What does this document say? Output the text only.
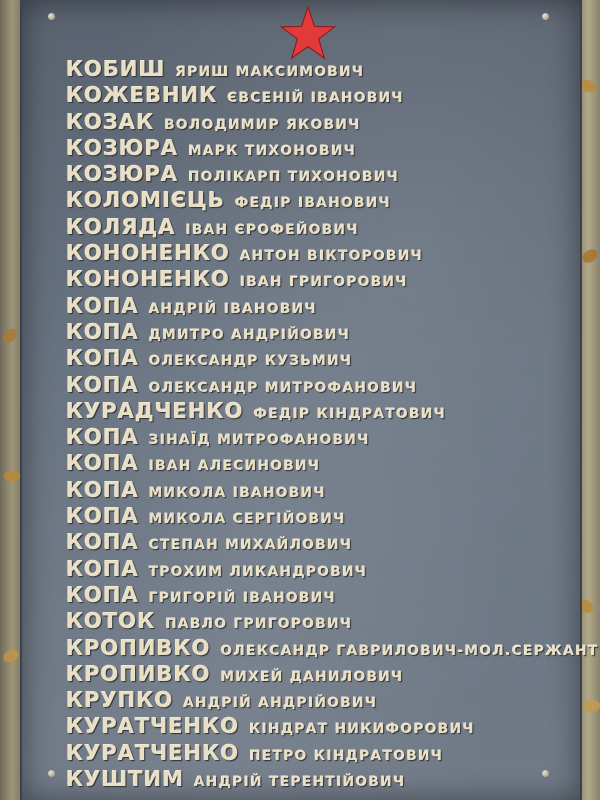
КОБИШ ЯРИШ МАКСИМОВИЧ
КОЖЕВНИК ЄВСЕНІЙ ІВАНОВИЧ
КОЗАК ВОЛОДИМИР ЯКОВИЧ
КОЗЮРА МАРК ТИХОНОВИЧ
КОЗЮРА ПОЛІКАРП ТИХОНОВИЧ
КОЛОМІЄЦЬ ФЕДІР ІВАНОВИЧ
КОЛЯДА ІВАН ЄРОФЕЙОВИЧ
КОНОНЕНКО АНТОН ВІКТОРОВИЧ
КОНОНЕНКО ІВАН ГРИГОРОВИЧ
КОПА АНДРІЙ ІВАНОВИЧ
КОПА ДМИТРО АНДРІЙОВИЧ
КОПА ОЛЕКСАНДР КУЗЬМИЧ
КОПА ОЛЕКСАНДР МИТРОФАНОВИЧ
КУРАДЧЕНКО ФЕДІР КІНДРАТОВИЧ
КОПА ЗІНАЇД МИТРОФАНОВИЧ
КОПА ІВАН АЛЕСИНОВИЧ
КОПА МИКОЛА ІВАНОВИЧ
КОПА МИКОЛА СЕРГІЙОВИЧ
КОПА СТЕПАН МИХАЙЛОВИЧ
КОПА ТРОХИМ ЛИКАНДРОВИЧ
КОПА ГРИГОРІЙ ІВАНОВИЧ
КОТОК ПАВЛО ГРИГОРОВИЧ
КРОПИВКО ОЛЕКСАНДР ГАВРИЛОВИЧ-МОЛ.СЕРЖАНТ
КРОПИВКО МИХЕЙ ДАНИЛОВИЧ
КРУПКО АНДРІЙ АНДРІЙОВИЧ
КУРАТЧЕНКО КІНДРАТ НИКИФОРОВИЧ
КУРАТЧЕНКО ПЕТРО КІНДРАТОВИЧ
КУШТИМ АНДРІЙ ТЕРЕНТІЙОВИЧ
